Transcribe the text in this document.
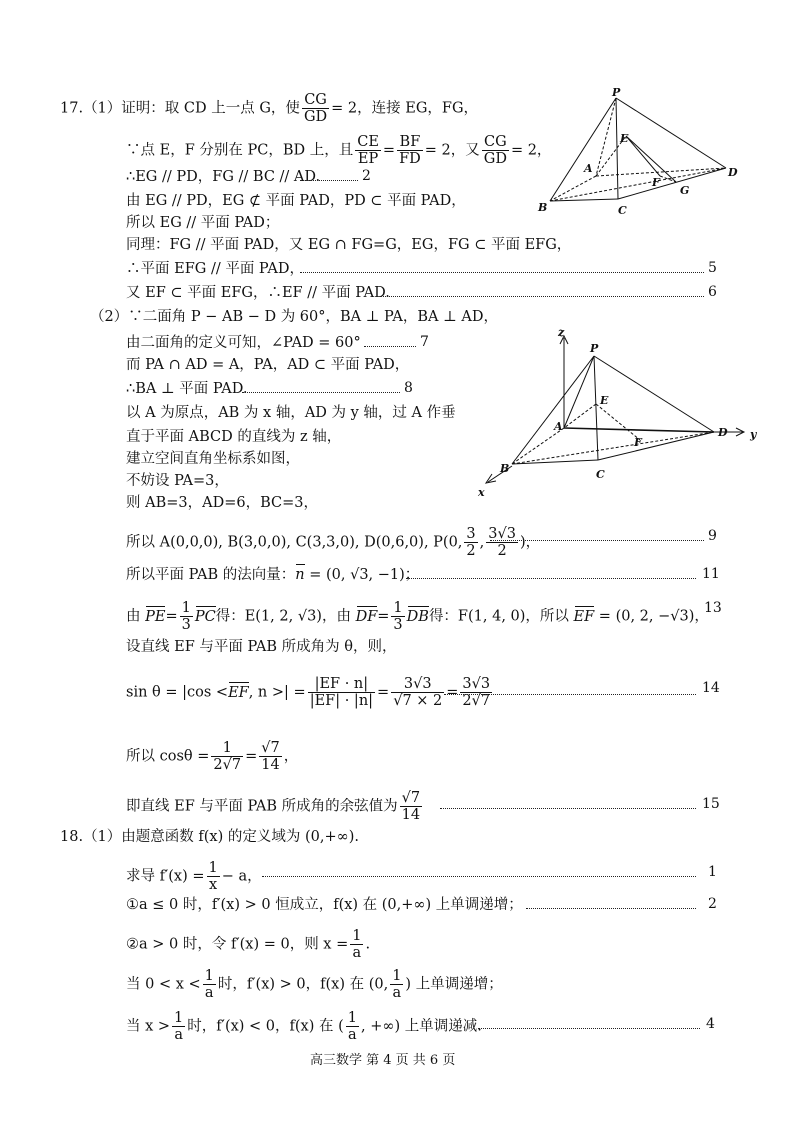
17.（1）证明：取 CD 上一点 G，使 $\frac{CG}{GD} = 2$，连接 EG，FG，
∵点 E，F 分别在 PC，BD 上，且 $\frac{CE}{EP} = \frac{BF}{FD} = 2$，又 $\frac{CG}{GD} = 2$，
∴EG // PD，FG // BC // AD.	2
由 EG // PD，EG ⊄ 平面 PAD，PD ⊂ 平面 PAD，
所以 EG // 平面 PAD；
同理：FG // 平面 PAD，又 EG ∩ FG=G，EG，FG ⊂ 平面 EFG，
∴平面 EFG // 平面 PAD，	5
又 EF ⊂ 平面 EFG，∴EF // 平面 PAD.	6
P
E
A
F
G
D
B	C
（2）∵二面角 P − AB − D 为 60°，BA ⊥ PA，BA ⊥ AD，
由二面角的定义可知，∠PAD = 60°	7
而 PA ∩ AD = A，PA，AD ⊂ 平面 PAD，
∴BA ⊥ 平面 PAD.	8
以 A 为原点，AB 为 x 轴，AD 为 y 轴，过 A 作垂
直于平面 ABCD 的直线为 z 轴，
建立空间直角坐标系如图，
不妨设 PA=3，
则 AB=3，AD=6，BC=3，
z
P
E
A
F
D y
B	C
x
所以 A(0,0,0), B(3,0,0), C(3,3,0), D(0,6,0), P(0, $\frac{3}{2}$ , $\frac{3√3}{2}$ )，	9
所以平面 PAB 的法向量：n = (0, √3, −1)；	11
由 $PE= \frac{1}{3}$ PC得：E(1, 2, √3)，由 $DF= \frac{1}{3}$ DB得：F(1, 4, 0)，所以 EF = (0, 2, −√3)，
13
设直线 EF 与平面 PAB 所成角为 θ，则，
sin θ = |cos <EF, n >| = $\frac{|EF \cdot n|}{|EF| \cdot |n|} = \frac{3√3}{√7 \times 2} = \frac{3√3}{2√7}$	14
所以 $\cos\theta = \frac{1}{2√7} = \frac{√7}{14}$ ，
即直线 EF 与平面 PAB 所成角的余弦值为 $\frac{√7}{14}$	15
18.（1）由题意函数 f(x) 的定义域为 (0,+∞).
求导 $f'(x) = \frac{1}{x} - a$，	1
①a ≤ 0 时，f′(x) > 0 恒成立，f(x) 在 (0,+∞) 上单调递增；	2
②a > 0 时，令 f′(x) = 0，则 $x = \frac{1}{a}$ .
当 $0 < x < \frac{1}{a}$ 时，f′(x) > 0，f(x) 在 (0, $\frac{1}{a}$ ) 上单调递增；
当 $x > \frac{1}{a}$ 时，f′(x) < 0，f(x) 在 ( $\frac{1}{a}$ , +∞) 上单调递减.	4
高三数学 第 4 页 共 6 页
